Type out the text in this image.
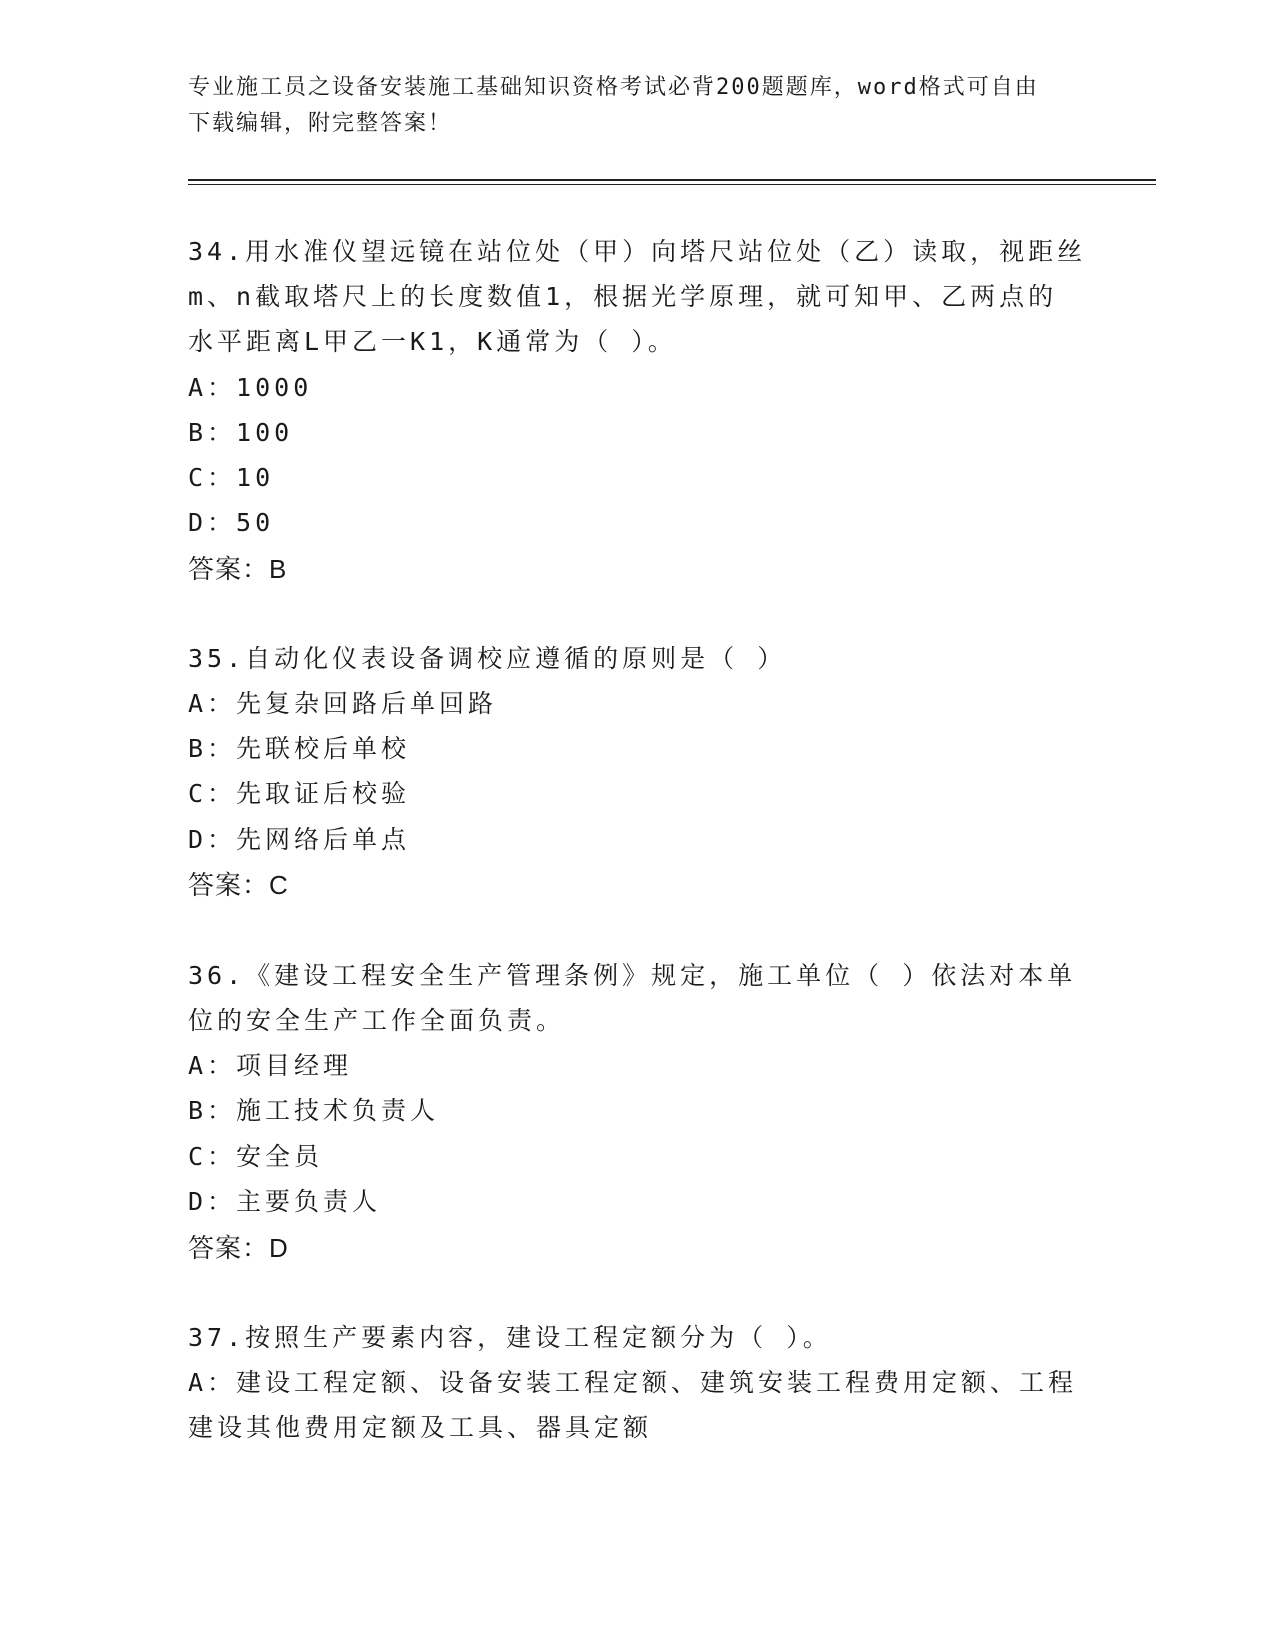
专业施工员之设备安装施工基础知识资格考试必背200题题库，word格式可自由
下载编辑，附完整答案！
34.用水准仪望远镜在站位处（甲）向塔尺站位处（乙）读取，视距丝
m、n截取塔尺上的长度数值1，根据光学原理，就可知甲、乙两点的
水平距离L甲乙一K1，K通常为（ ）。
A：1000
B：100
C：10
D：50
答案：B
35.自动化仪表设备调校应遵循的原则是（ ）
A：先复杂回路后单回路
B：先联校后单校
C：先取证后校验
D：先网络后单点
答案：C
36.《建设工程安全生产管理条例》规定，施工单位（ ）依法对本单
位的安全生产工作全面负责。
A：项目经理
B：施工技术负责人
C：安全员
D：主要负责人
答案：D
37.按照生产要素内容，建设工程定额分为（ ）。
A：建设工程定额、设备安装工程定额、建筑安装工程费用定额、工程
建设其他费用定额及工具、器具定额
